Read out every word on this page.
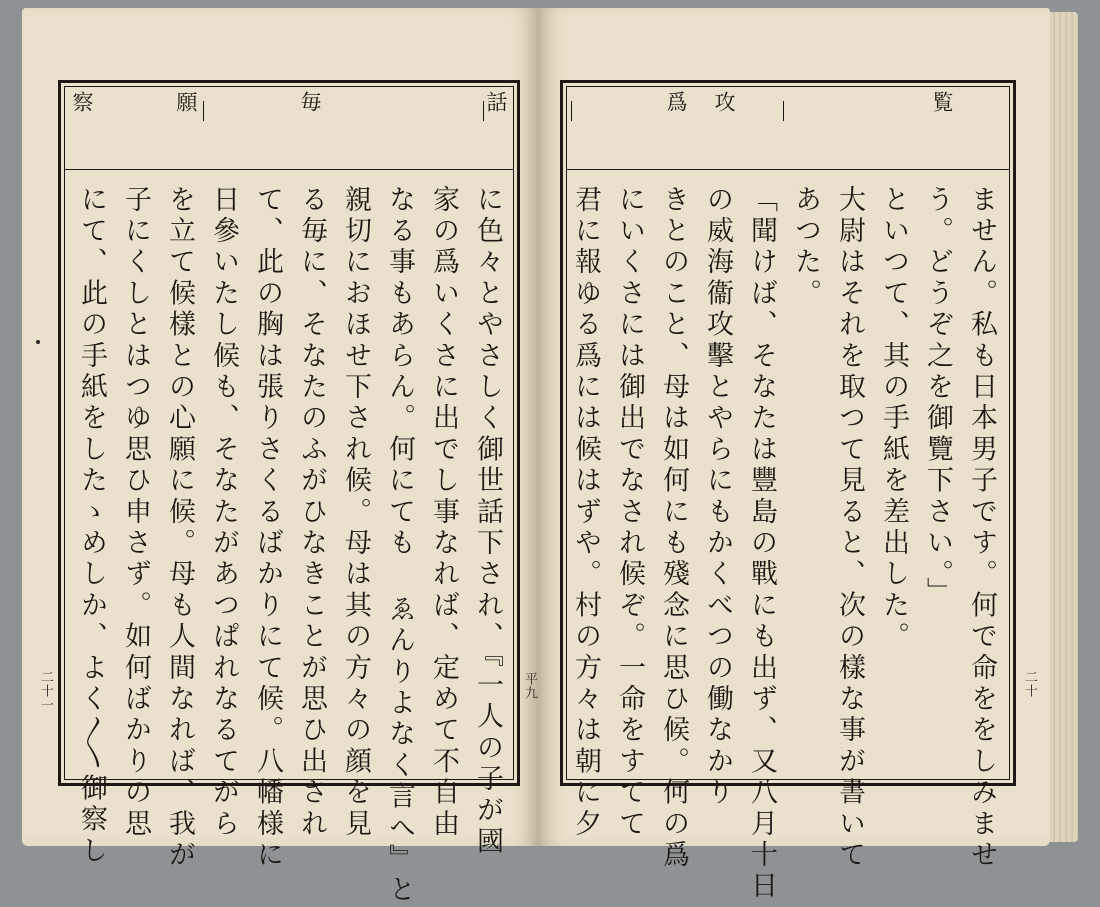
話
毎
願
察
に色々とやさしく御世話下され、『一人の子が國
家の爲いくさに出でし事なれば、定めて不自由
なる事もあらん。何にても ゑんりよなく言へ』と
親切におほせ下され候。母は其の方々の顔を見
る毎に、そなたのふがひなきことが思ひ出され
て、此の胸は張りさくるばかりにて候。八幡様に
日參いたし候も、そなたがあつぱれなるてがら
を立て候樣との心願に候。母も人間なれば、我が
子にくしとはつゆ思ひ申さず。如何ばかりの思
にて、此の手紙をしたゝめしか、よく〳〵御察し
二十一	平九
覧
攻
爲
ません。私も日本男子です。何で命ををしみませ
う。どうぞ之を御覽下さい。」
といつて、其の手紙を差出した。
大尉はそれを取つて見ると、次の樣な事が書いて
あつた。
「聞けば、そなたは豐島の戰にも出ず、又八月十日
の威海衞攻擊とやらにもかくべつの働なかり
きとのこと、母は如何にも殘念に思ひ候。何の爲
にいくさには御出でなされ候ぞ。一命をすてて
君に報ゆる爲には候はずや。村の方々は朝に夕	二十
